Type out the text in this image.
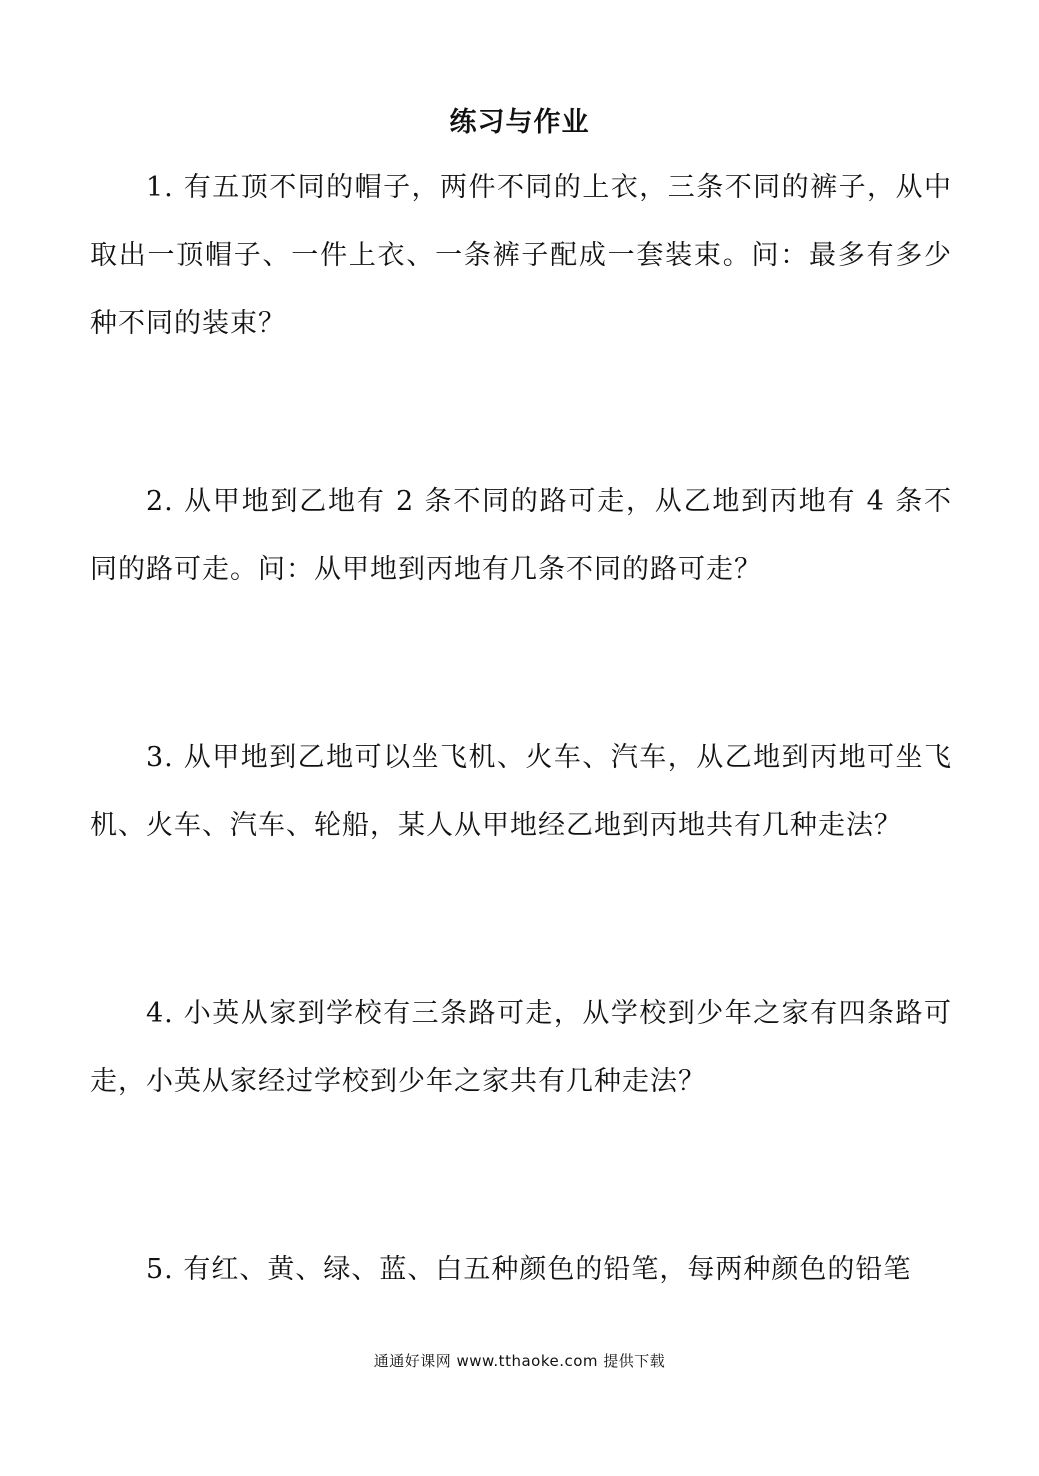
练习与作业
1. 有五顶不同的帽子，两件不同的上衣，三条不同的裤子，从中取出一顶帽子、一件上衣、一条裤子配成一套装束。问：最多有多少种不同的装束？
2. 从甲地到乙地有 2 条不同的路可走，从乙地到丙地有 4 条不同的路可走。问：从甲地到丙地有几条不同的路可走？
3. 从甲地到乙地可以坐飞机、火车、汽车，从乙地到丙地可坐飞机、火车、汽车、轮船，某人从甲地经乙地到丙地共有几种走法？
4. 小英从家到学校有三条路可走，从学校到少年之家有四条路可走，小英从家经过学校到少年之家共有几种走法？
5. 有红、黄、绿、蓝、白五种颜色的铅笔，每两种颜色的铅笔
通通好课网 www.tthaoke.com 提供下载
